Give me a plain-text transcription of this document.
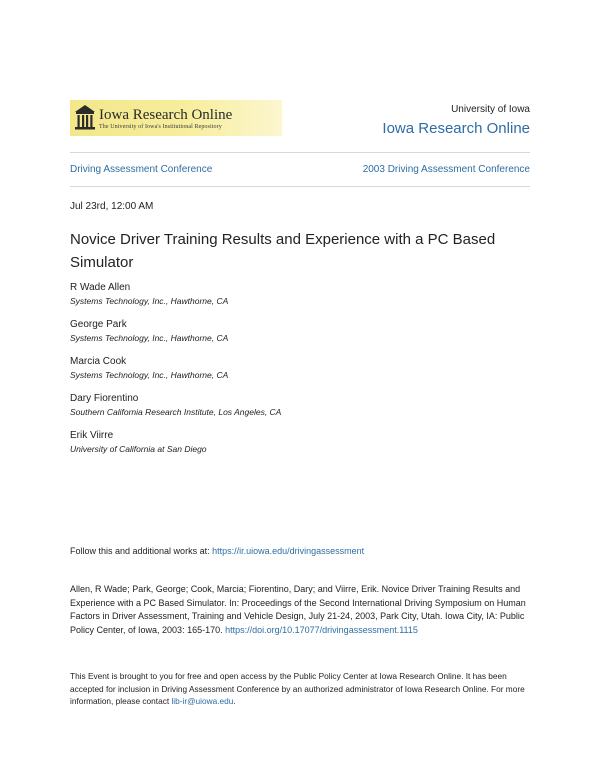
Iowa Research Online
The University of Iowa's Institutional Repository
University of Iowa
Iowa Research Online
Driving Assessment Conference	2003 Driving Assessment Conference
Jul 23rd, 12:00 AM
Novice Driver Training Results and Experience with a PC Based Simulator
R Wade Allen
Systems Technology, Inc., Hawthorne, CA
George Park
Systems Technology, Inc., Hawthorne, CA
Marcia Cook
Systems Technology, Inc., Hawthorne, CA
Dary Fiorentino
Southern California Research Institute, Los Angeles, CA
Erik Viirre
University of California at San Diego
Follow this and additional works at: https://ir.uiowa.edu/drivingassessment
Allen, R Wade; Park, George; Cook, Marcia; Fiorentino, Dary; and Viirre, Erik. Novice Driver Training Results and Experience with a PC Based Simulator. In: Proceedings of the Second International Driving Symposium on Human Factors in Driver Assessment, Training and Vehicle Design, July 21-24, 2003, Park City, Utah. Iowa City, IA: Public Policy Center, of Iowa, 2003: 165-170. https://doi.org/10.17077/drivingassessment.1115
This Event is brought to you for free and open access by the Public Policy Center at Iowa Research Online. It has been accepted for inclusion in Driving Assessment Conference by an authorized administrator of Iowa Research Online. For more information, please contact lib-ir@uiowa.edu.
